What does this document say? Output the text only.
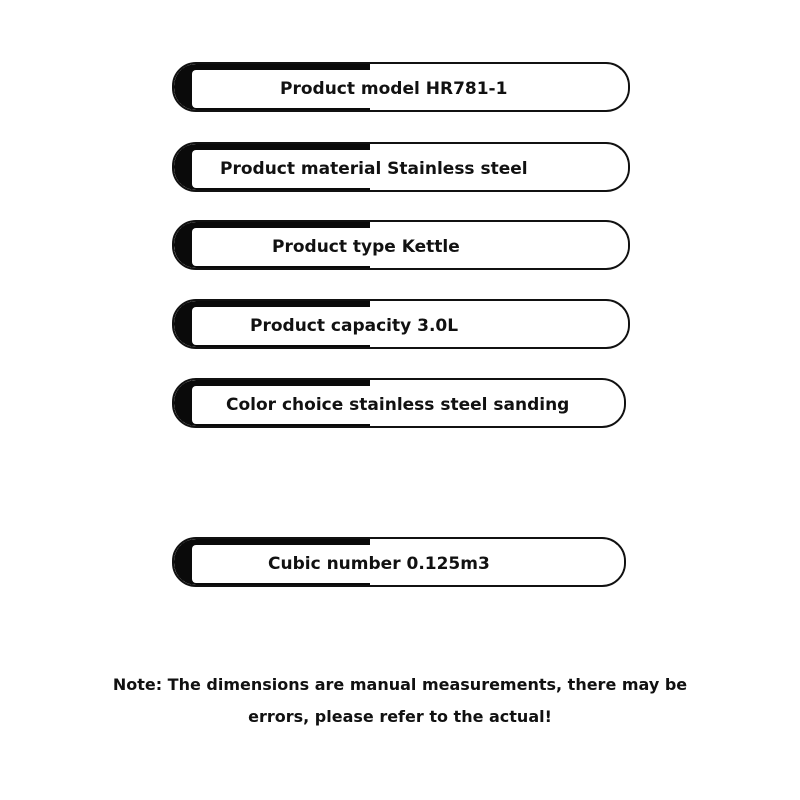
Product model HR781-1
Product material Stainless steel
Product type Kettle
Product capacity 3.0L
Color choice stainless steel sanding
Cubic number 0.125m3
Note: The dimensions are manual measurements, there may be
errors, please refer to the actual!
